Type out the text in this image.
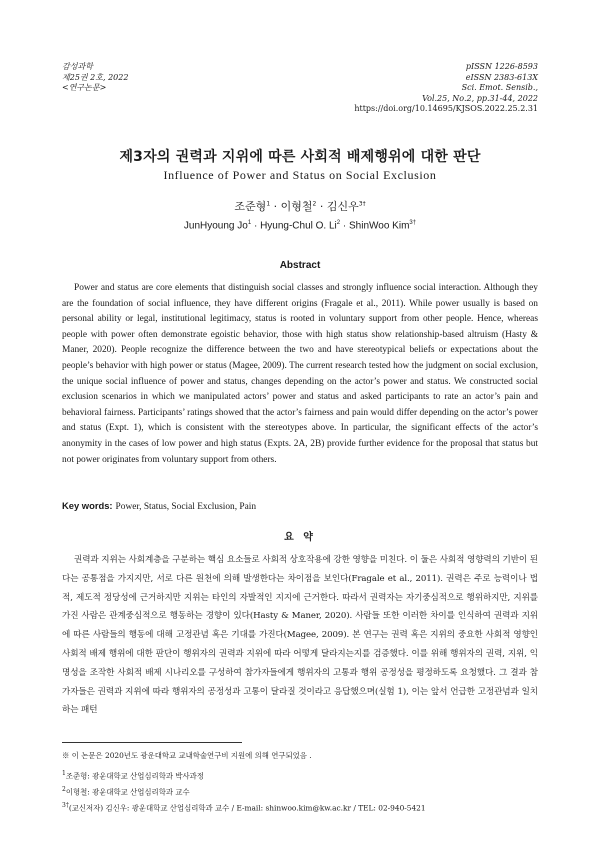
감성과학
제25권 2호, 2022
<연구논문>
pISSN 1226-8593
eISSN 2383-613X
Sci. Emot. Sensib.,
Vol.25, No.2, pp.31-44, 2022
https://doi.org/10.14695/KJSOS.2022.25.2.31
제3자의 권력과 지위에 따른 사회적 배제행위에 대한 판단
Influence of Power and Status on Social Exclusion
조준형$^1$ · 이형철$^2$ · 김신우$^{3\dagger}$
JunHyoung $Jo^1$ · Hyung-Chul O. $Li^2$ · ShinWoo Kim$^{3\dagger}$
Abstract
Power and status are core elements that distinguish social classes and strongly influence social interaction. Although they are the foundation of social influence, they have different origins (Fragale et al., 2011). While power usually is based on personal ability or legal, institutional legitimacy, status is rooted in voluntary support from other people. Hence, whereas people with power often demonstrate egoistic behavior, those with high status show relationship-based altruism (Hasty & Maner, 2020). People recognize the difference between the two and have stereotypical beliefs or expectations about the people’s behavior with high power or status (Magee, 2009). The current research tested how the judgment on social exclusion, the unique social influence of power and status, changes depending on the actor’s power and status. We constructed social exclusion scenarios in which we manipulated actors’ power and status and asked participants to rate an actor’s pain and behavioral fairness. Participants’ ratings showed that the actor’s fairness and pain would differ depending on the actor’s power and status (Expt. 1), which is consistent with the stereotypes above. In particular, the significant effects of the actor’s anonymity in the cases of low power and high status (Expts. 2A, 2B) provide further evidence for the proposal that status but not power originates from voluntary support from others.
Key words: Power, Status, Social Exclusion, Pain
요 약
권력과 지위는 사회계층을 구분하는 핵심 요소들로 사회적 상호작용에 강한 영향을 미친다. 이 둘은 사회적 영향력의 기반이 된다는 공통점을 가지지만, 서로 다른 원천에 의해 발생한다는 차이점을 보인다(Fragale et al., 2011). 권력은 주로 능력이나 법적, 제도적 정당성에 근거하지만 지위는 타인의 자발적인 지지에 근거한다. 따라서 권력자는 자기중심적으로 행위하지만, 지위를 가진 사람은 관계중심적으로 행동하는 경향이 있다(Hasty & Maner, 2020). 사람들 또한 이러한 차이를 인식하여 권력과 지위에 따른 사람들의 행동에 대해 고정관념 혹은 기대를 가진다(Magee, 2009). 본 연구는 권력 혹은 지위의 중요한 사회적 영향인 사회적 배제 행위에 대한 판단이 행위자의 권력과 지위에 따라 어떻게 달라지는지를 검증했다. 이를 위해 행위자의 권력, 지위, 익명성을 조작한 사회적 배제 시나리오를 구성하여 참가자들에게 행위자의 고통과 행위 공정성을 평정하도록 요청했다. 그 결과 참가자들은 권력과 지위에 따라 행위자의 공정성과 고통이 달라질 것이라고 응답했으며(실험 1), 이는 앞서 언급한 고정관념과 일치하는 패턴
※ 이 논문은 2020년도 광운대학교 교내학술연구비 지원에 의해 연구되었음 .
$^1$조준형: 광운대학교 산업심리학과 박사과정
$^2$이형철: 광운대학교 산업심리학과 교수
$^{3\dagger}$(교신저자) 김신우: 광운대학교 산업심리학과 교수 / E-mail: shinwoo.kim@kw.ac.kr / TEL: 02-940-5421
